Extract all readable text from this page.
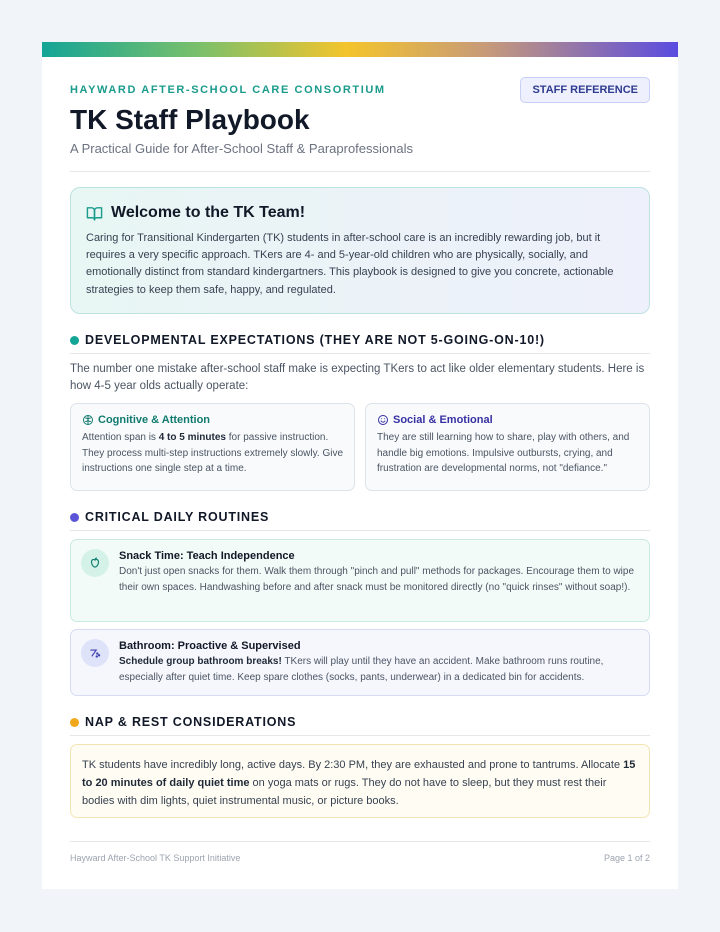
HAYWARD AFTER-SCHOOL CARE CONSORTIUM	STAFF REFERENCE
TK Staff Playbook
A Practical Guide for After-School Staff & Paraprofessionals
Welcome to the TK Team!

Caring for Transitional Kindergarten (TK) students in after-school care is an incredibly rewarding job, but it requires a very specific approach. TKers are 4- and 5-year-old children who are physically, socially, and emotionally distinct from standard kindergartners. This playbook is designed to give you concrete, actionable strategies to keep them safe, happy, and regulated.

DEVELOPMENTAL EXPECTATIONS (THEY ARE NOT 5-GOING-ON-10!)

The number one mistake after-school staff make is expecting TKers to act like older elementary students. Here is how 4-5 year olds actually operate:

Cognitive & Attention

Attention span is 4 to 5 minutes for passive instruction. They process multi-step instructions extremely slowly. Give instructions one single step at a time.

Social & Emotional

They are still learning how to share, play with others, and handle big emotions. Impulsive outbursts, crying, and frustration are developmental norms, not "defiance."

CRITICAL DAILY ROUTINES
Snack Time: Teach Independence

Don't just open snacks for them. Walk them through "pinch and pull" methods for packages. Encourage them to wipe their own spaces. Handwashing before and after snack must be monitored directly (no "quick rinses" without soap!).

Bathroom: Proactive & Supervised

Schedule group bathroom breaks! TKers will play until they have an accident. Make bathroom runs routine, especially after quiet time. Keep spare clothes (socks, pants, underwear) in a dedicated bin for accidents.

NAP & REST CONSIDERATIONS
TK students have incredibly long, active days. By 2:30 PM, they are exhausted and prone to tantrums. Allocate 15 to 20 minutes of daily quiet time on yoga mats or rugs. They do not have to sleep, but they must rest their bodies with dim lights, quiet instrumental music, or picture books.
Hayward After-School TK Support Initiative	Page 1 of 2
